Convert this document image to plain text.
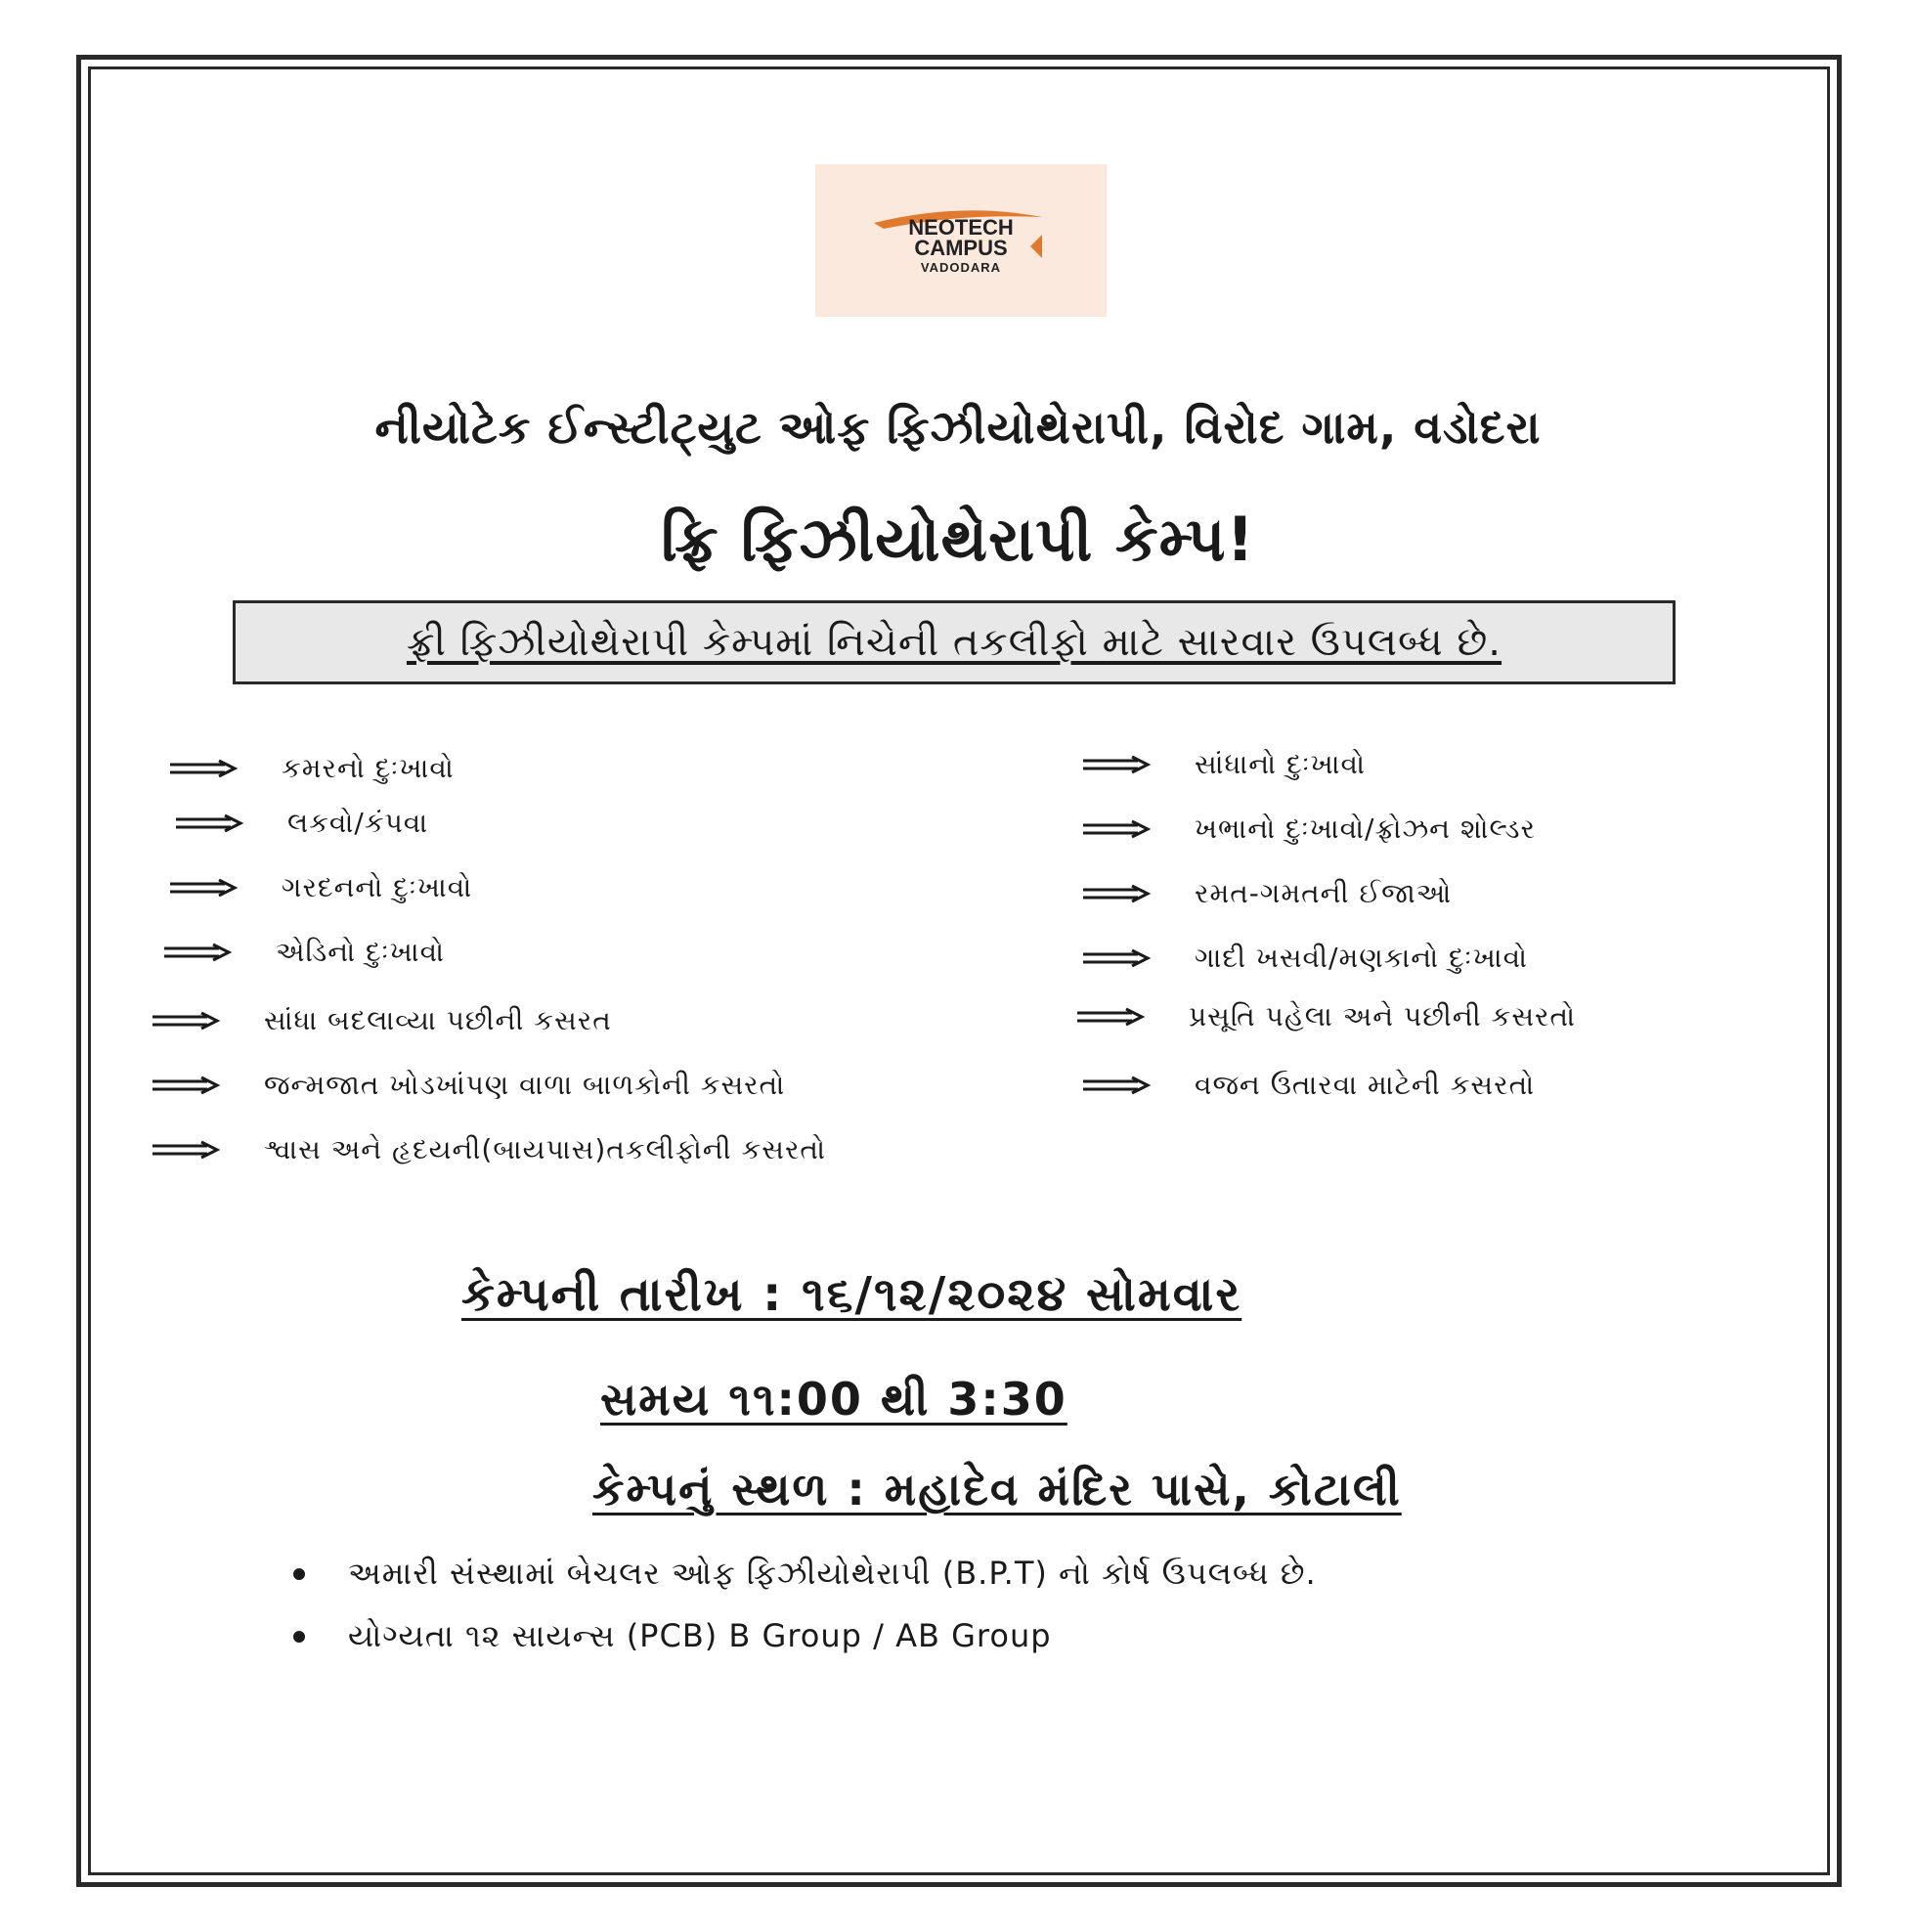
NEOTECH
CAMPUS
VADODARA
નીયોટેક ઈન્સ્ટીટ્યુટ ઓફ ફિઝીયોથેરાપી, વિરોદ ગામ, વડોદરા
ફ્રિ ફિઝીયોથેરાપી કેમ્પ!
ફ્રી ફિઝીયોથેરાપી કેમ્પમાં નિચેની તકલીફો માટે સારવાર ઉપલબ્ધ છે.
કમરનો દુઃખાવો
લકવો/કંપવા
ગરદનનો દુઃખાવો
એડિનો દુઃખાવો
સાંધા બદલાવ્યા પછીની કસરત
જન્મજાત ખોડખાંપણ વાળા બાળકોની કસરતો
શ્વાસ અને હૃદયની(બાયપાસ)તકલીફોની કસરતો
સાંધાનો દુઃખાવો
ખભાનો દુઃખાવો/ફ્રોઝન શોલ્ડર
રમત-ગમતની ઈજાઓ
ગાદી ખસવી/મણકાનો દુઃખાવો
પ્રસૂતિ પહેલા અને પછીની કસરતો
વજન ઉતારવા માટેની કસરતો
કેમ્પની તારીખ : ૧૬/૧૨/૨૦૨૪ સોમવાર
સમય ૧૧:00 થી 3:30
કેમ્પનું સ્થળ : મહાદેવ મંદિર પાસે, કોટાલી
અમારી સંસ્થામાં બેચલર ઓફ ફિઝીયોથેરાપી (B.P.T) નો કોર્ષ ઉપલબ્ધ છે.
યોગ્યતા ૧૨ સાયન્સ (PCB) B Group / AB Group
